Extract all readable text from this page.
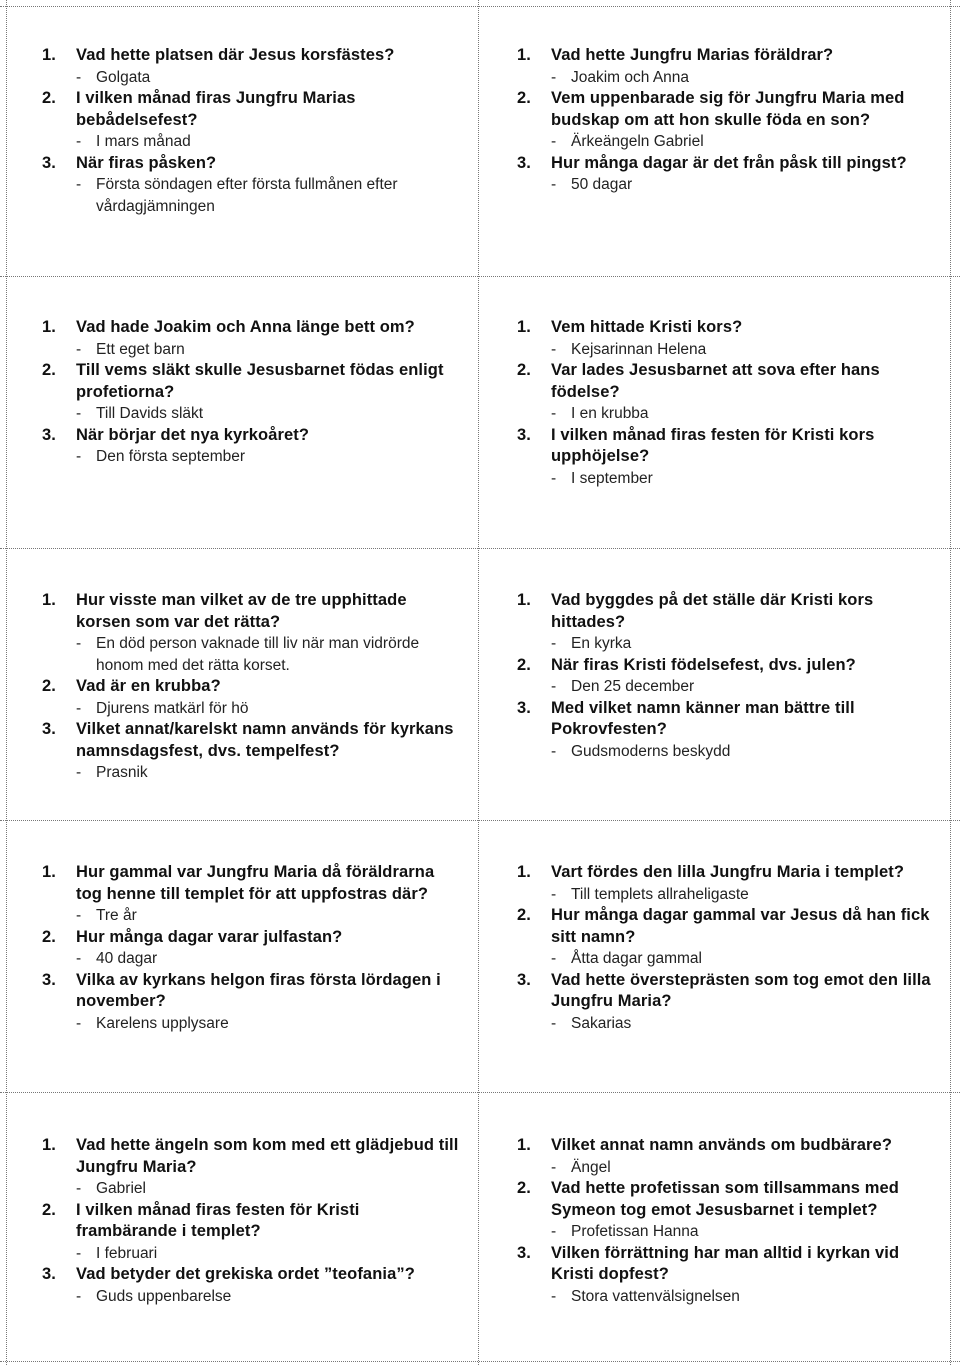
1. Vad hette platsen där Jesus korsfästes?
- Golgata
2. I vilken månad firas Jungfru Marias bebådelsefest?
- I mars månad
3. När firas påsken?
- Första söndagen efter första fullmånen efter vårdagjämningen
1. Vad hette Jungfru Marias föräldrar?
- Joakim och Anna
2. Vem uppenbarade sig för Jungfru Maria med budskap om att hon skulle föda en son?
- Ärkeängeln Gabriel
3. Hur många dagar är det från påsk till pingst?
- 50 dagar
1. Vad hade Joakim och Anna länge bett om?
- Ett eget barn
2. Till vems släkt skulle Jesusbarnet födas enligt profetiorna?
- Till Davids släkt
3. När börjar det nya kyrkoåret?
- Den första september
1. Vem hittade Kristi kors?
- Kejsarinnan Helena
2. Var lades Jesusbarnet att sova efter hans födelse?
- I en krubba
3. I vilken månad firas festen för Kristi kors upphöjelse?
- I september
1. Hur visste man vilket av de tre upphittade korsen som var det rätta?
- En död person vaknade till liv när man vidrörde honom med det rätta korset.
2. Vad är en krubba?
- Djurens matkärl för hö
3. Vilket annat/karelskt namn används för kyrkans namnsdagsfest, dvs. tempelfest?
- Prasnik
1. Vad byggdes på det ställe där Kristi kors hittades?
- En kyrka
2. När firas Kristi födelsefest, dvs. julen?
- Den 25 december
3. Med vilket namn känner man bättre till Pokrovfesten?
- Gudsmoderns beskydd
1. Hur gammal var Jungfru Maria då föräldrarna tog henne till templet för att uppfostras där?
- Tre år
2. Hur många dagar varar julfastan?
- 40 dagar
3. Vilka av kyrkans helgon firas första lördagen i november?
- Karelens upplysare
1. Vart fördes den lilla Jungfru Maria i templet?
- Till templets allraheligaste
2. Hur många dagar gammal var Jesus då han fick sitt namn?
- Åtta dagar gammal
3. Vad hette översteprästen som tog emot den lilla Jungfru Maria?
- Sakarias
1. Vad hette ängeln som kom med ett glädjebud till Jungfru Maria?
- Gabriel
2. I vilken månad firas festen för Kristi frambärande i templet?
- I februari
3. Vad betyder det grekiska ordet ”teofania”?
- Guds uppenbarelse
1. Vilket annat namn används om budbärare?
- Ängel
2. Vad hette profetissan som tillsammans med Symeon tog emot Jesusbarnet i templet?
- Profetissan Hanna
3. Vilken förrättning har man alltid i kyrkan vid Kristi dopfest?
- Stora vattenvälsignelsen
